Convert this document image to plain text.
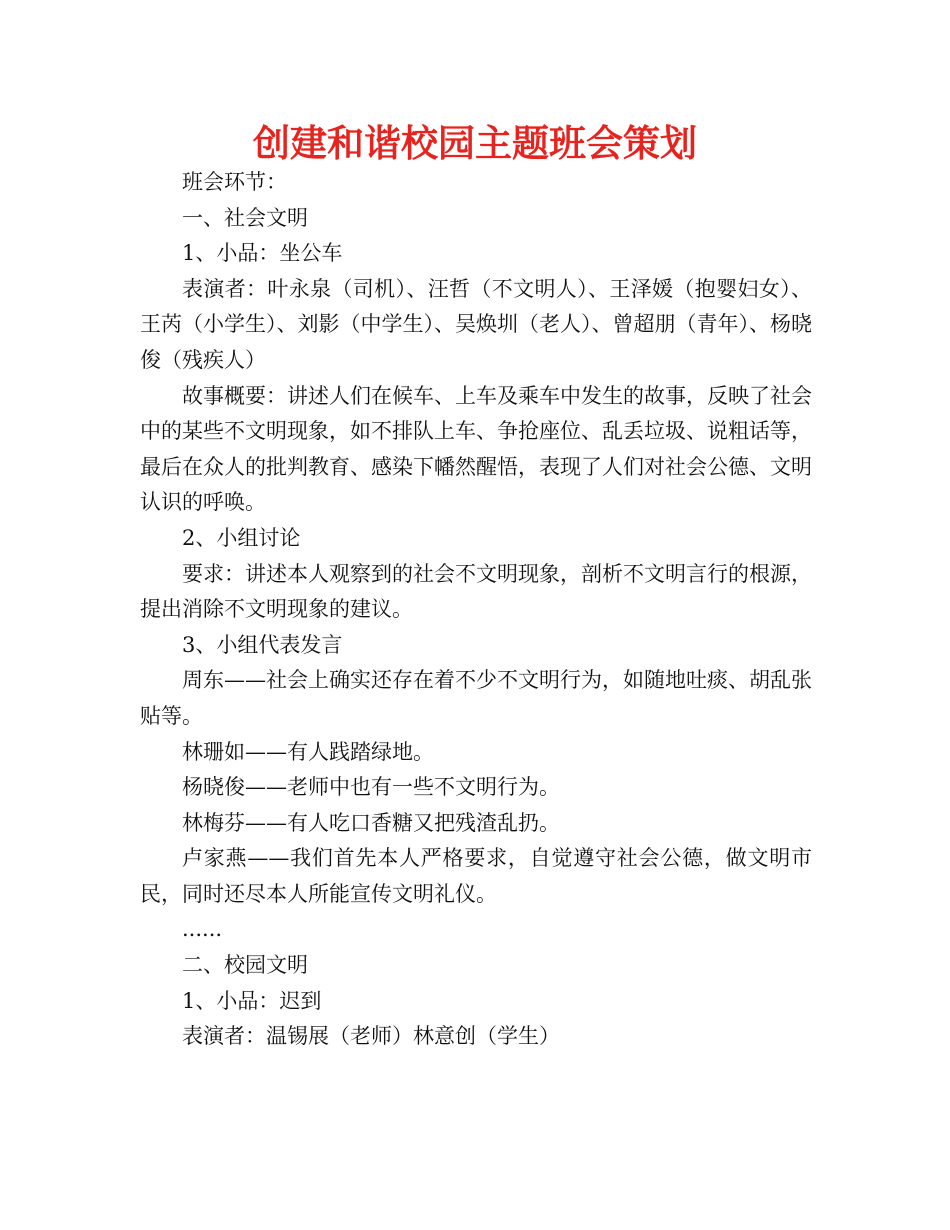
创建和谐校园主题班会策划

班会环节：

一、社会文明

1、小品：坐公车

表演者：叶永泉（司机）、汪哲（不文明人）、王泽媛（抱婴妇女）、王芮（小学生）、刘影（中学生）、吴焕圳（老人）、曾超朋（青年）、杨晓俊（残疾人）

故事概要：讲述人们在候车、上车及乘车中发生的故事，反映了社会中的某些不文明现象，如不排队上车、争抢座位、乱丢垃圾、说粗话等，最后在众人的批判教育、感染下幡然醒悟，表现了人们对社会公德、文明认识的呼唤。

2、小组讨论

要求：讲述本人观察到的社会不文明现象，剖析不文明言行的根源，提出消除不文明现象的建议。

3、小组代表发言

周东——社会上确实还存在着不少不文明行为，如随地吐痰、胡乱张贴等。

林珊如——有人践踏绿地。

杨晓俊——老师中也有一些不文明行为。

林梅芬——有人吃口香糖又把残渣乱扔。

卢家燕——我们首先本人严格要求，自觉遵守社会公德，做文明市民，同时还尽本人所能宣传文明礼仪。

......

二、校园文明

1、小品：迟到

表演者：温锡展（老师）林意创（学生）
